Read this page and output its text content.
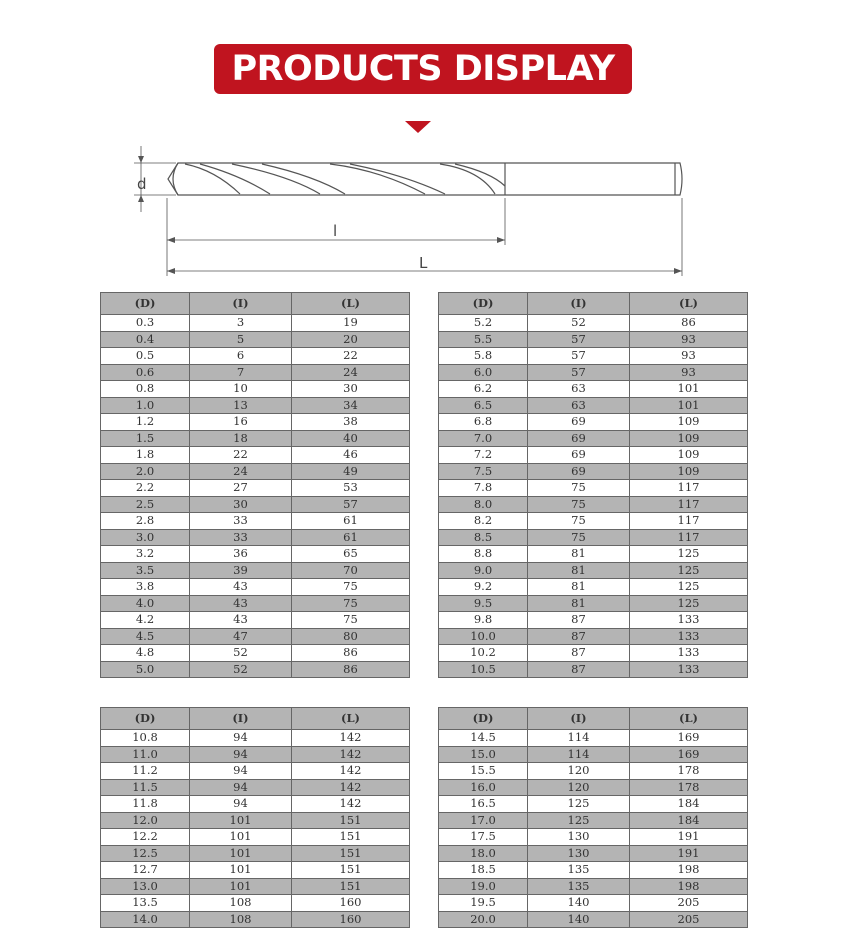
PRODUCTS DISPLAY
d
l
L
(D)	(I)	(L)
0.3	3	19
0.4	5	20
0.5	6	22
0.6	7	24
0.8	10	30
1.0	13	34
1.2	16	38
1.5	18	40
1.8	22	46
2.0	24	49
2.2	27	53
2.5	30	57
2.8	33	61
3.0	33	61
3.2	36	65
3.5	39	70
3.8	43	75
4.0	43	75
4.2	43	75
4.5	47	80
4.8	52	86
5.0	52	86
(D)	(I)	(L)
5.2	52	86
5.5	57	93
5.8	57	93
6.0	57	93
6.2	63	101
6.5	63	101
6.8	69	109
7.0	69	109
7.2	69	109
7.5	69	109
7.8	75	117
8.0	75	117
8.2	75	117
8.5	75	117
8.8	81	125
9.0	81	125
9.2	81	125
9.5	81	125
9.8	87	133
10.0	87	133
10.2	87	133
10.5	87	133
(D)	(I)	(L)
10.8	94	142
11.0	94	142
11.2	94	142
11.5	94	142
11.8	94	142
12.0	101	151
12.2	101	151
12.5	101	151
12.7	101	151
13.0	101	151
13.5	108	160
14.0	108	160
(D)	(I)	(L)
14.5	114	169
15.0	114	169
15.5	120	178
16.0	120	178
16.5	125	184
17.0	125	184
17.5	130	191
18.0	130	191
18.5	135	198
19.0	135	198
19.5	140	205
20.0	140	205
